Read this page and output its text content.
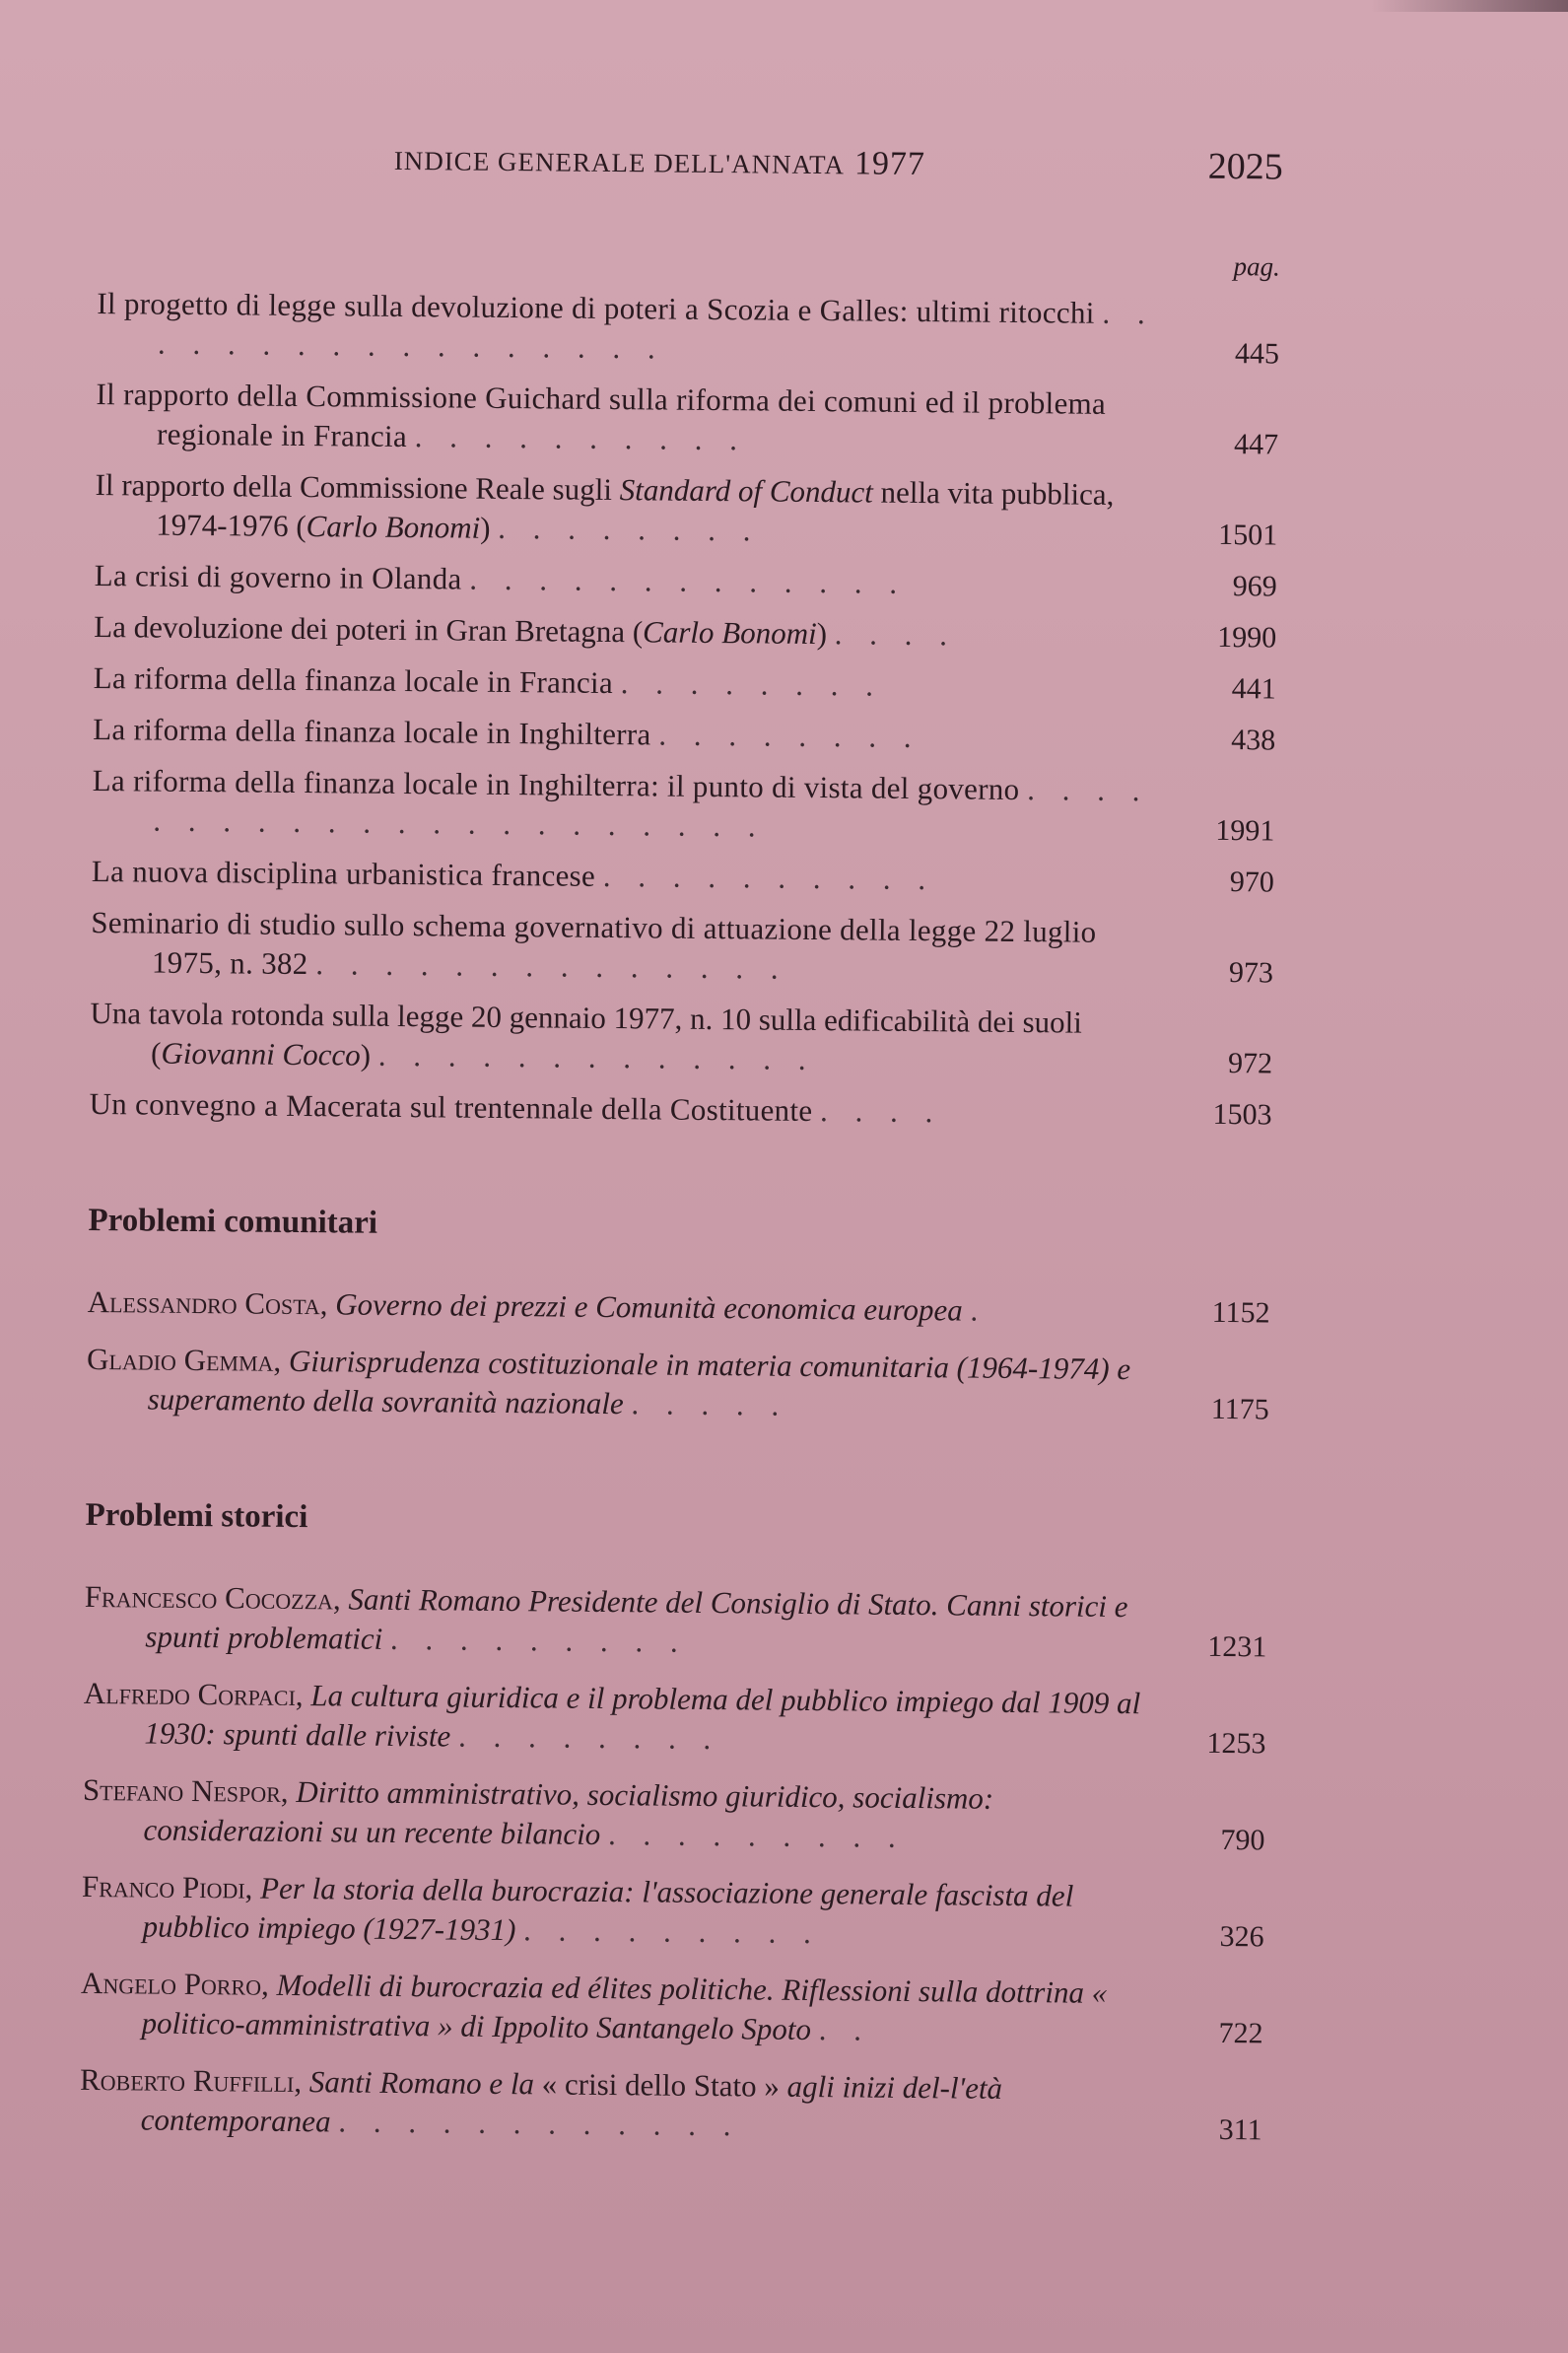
INDICE GENERALE DELL'ANNATA 1977	2025
pag.
Il progetto di legge sulla devoluzione di poteri a Scozia e Galles: ultimi ritocchi . . . . . . . . . . . . . . . . .	445
Il rapporto della Commissione Guichard sulla riforma dei comuni ed il problema regionale in Francia . . . . . . . . . .	447
Il rapporto della Commissione Reale sugli Standard of Conduct nella vita pubblica, 1974-1976 (Carlo Bonomi) . . . . . . . .	1501
La crisi di governo in Olanda . . . . . . . . . . . . .	969
La devoluzione dei poteri in Gran Bretagna (Carlo Bonomi) . . . .	1990
La riforma della finanza locale in Francia . . . . . . . .	441
La riforma della finanza locale in Inghilterra . . . . . . . .	438
La riforma della finanza locale in Inghilterra: il punto di vista del governo . . . . . . . . . . . . . . . . . . . . . .	1991
La nuova disciplina urbanistica francese . . . . . . . . . .	970
Seminario di studio sullo schema governativo di attuazione della legge 22 luglio 1975, n. 382 . . . . . . . . . . . . . .	973
Una tavola rotonda sulla legge 20 gennaio 1977, n. 10 sulla edificabilità dei suoli (Giovanni Cocco) . . . . . . . . . . . . .	972
Un convegno a Macerata sul trentennale della Costituente . . . .	1503
Problemi comunitari
Alessandro Costa, Governo dei prezzi e Comunità economica europea .	1152
Gladio Gemma, Giurisprudenza costituzionale in materia comunitaria (1964-1974) e superamento della sovranità nazionale . . . . .	1175
Problemi storici
Francesco Cocozza, Santi Romano Presidente del Consiglio di Stato. Canni storici e spunti problematici . . . . . . . . .	1231
Alfredo Corpaci, La cultura giuridica e il problema del pubblico impiego dal 1909 al 1930: spunti dalle riviste . . . . . . . .	1253
Stefano Nespor, Diritto amministrativo, socialismo giuridico, socialismo: considerazioni su un recente bilancio . . . . . . . . .	790
Franco Piodi, Per la storia della burocrazia: l'associazione generale fascista del pubblico impiego (1927-1931) . . . . . . . . .	326
Angelo Porro, Modelli di burocrazia ed élites politiche. Riflessioni sulla dottrina « politico-amministrativa » di Ippolito Santangelo Spoto . .	722
Roberto Ruffilli, Santi Romano e la « crisi dello Stato » agli inizi del-l'età contemporanea . . . . . . . . . . . .	311
